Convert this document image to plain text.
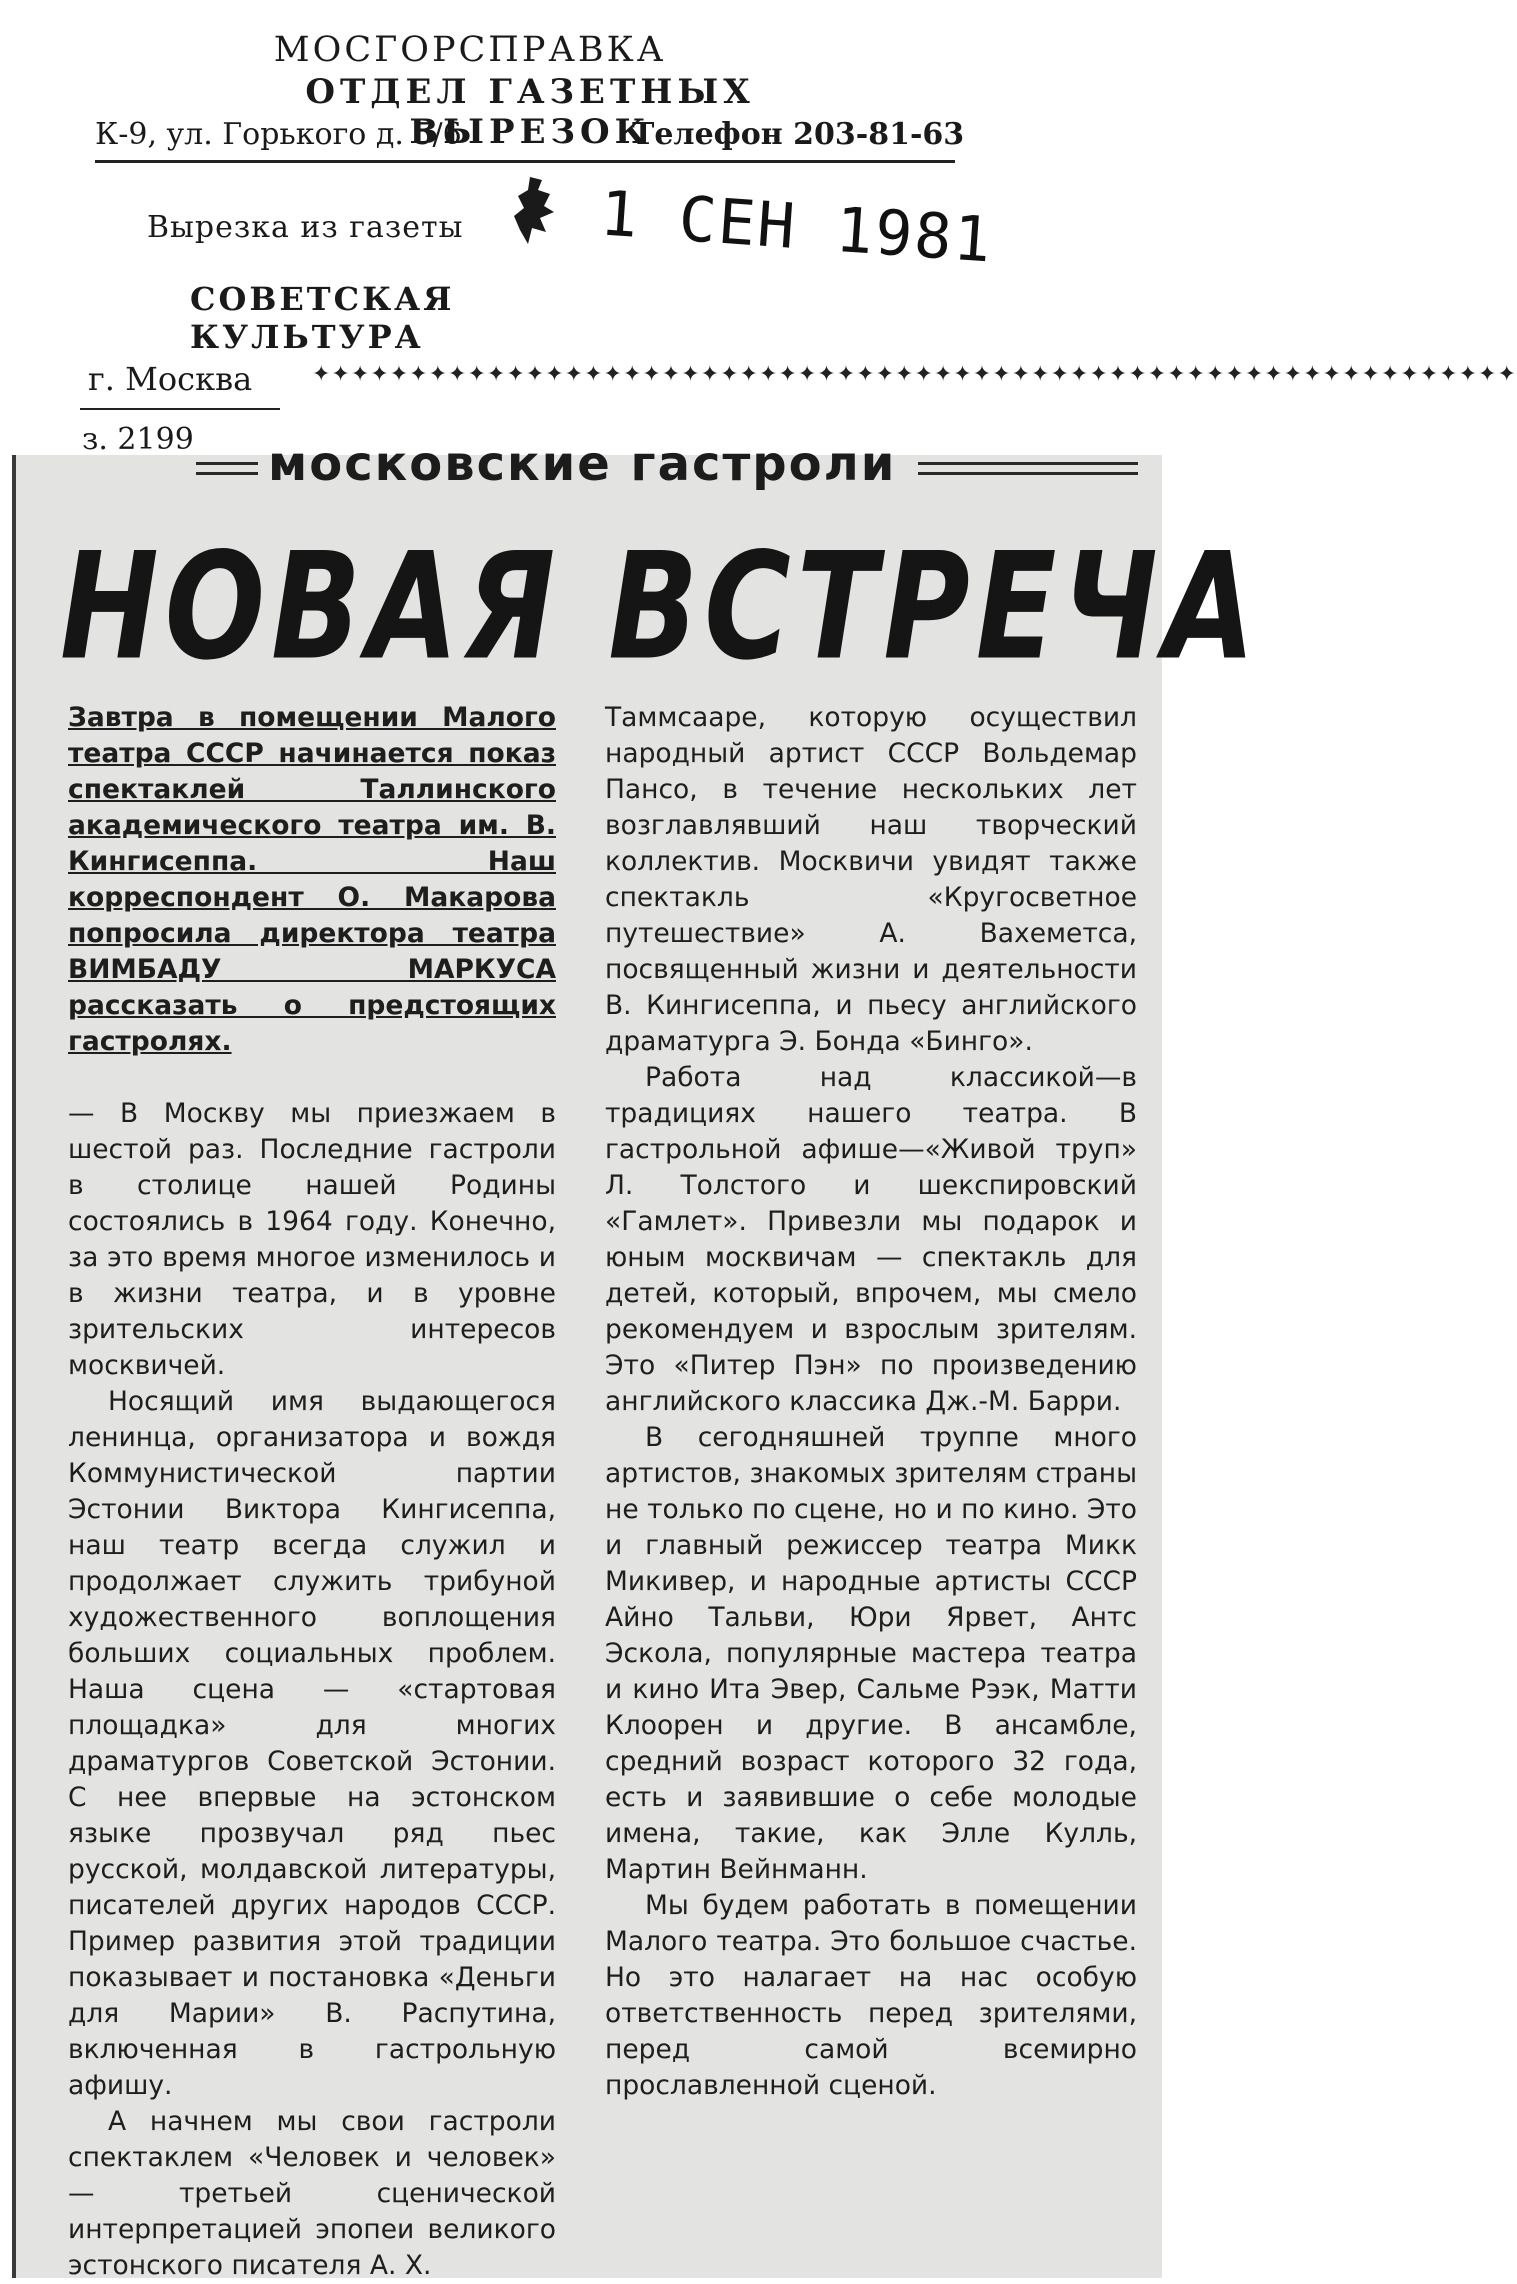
МОСГОРСПРАВКА
ОТДЕЛ ГАЗЕТНЫХ ВЫРЕЗОК
К-9, ул. Горького д. 5/6	Телефон 203-81-63
Вырезка из газеты 1 СЕН 1981
СОВЕТСКАЯ
КУЛЬТУРА
г. Москва	✦✦✦✦✦✦✦✦✦✦✦✦✦✦✦✦✦✦✦✦✦✦✦✦✦✦✦✦✦✦✦✦✦✦✦✦✦✦✦✦✦✦✦✦✦✦✦✦✦✦✦✦✦✦✦✦✦✦✦✦✦✦
з. 2199 московские гастроли
НОВАЯ ВСТРЕЧА
Завтра в помещении Малого театра СССР начинается показ спектаклей Таллинского академического театра им. В. Кингисеппа. Наш корреспондент О. Макарова попросила директора театра ВИМБАДУ МАРКУСА рассказать о предстоящих гастролях.

— В Москву мы приезжаем в шестой раз. Последние гастроли в столице нашей Родины состоялись в 1964 году. Конечно, за это время многое изменилось и в жизни театра, и в уровне зрительских интересов москвичей.

Носящий имя выдающегося ленинца, организатора и вождя Коммунистической партии Эстонии Виктора Кингисеппа, наш театр всегда служил и продолжает служить трибуной художественного воплощения больших социальных проблем. Наша сцена — «стартовая площадка» для многих драматургов Советской Эстонии. С нее впервые на эстонском языке прозвучал ряд пьес русской, молдавской литературы, писателей других народов СССР. Пример развития этой традиции показывает и постановка «Деньги для Марии» В. Распутина, включенная в гастрольную афишу.

А начнем мы свои гастроли спектаклем «Человек и человек» — третьей сценической интерпретацией эпопеи великого эстонского писателя А. Х.

Таммсааре, которую осуществил народный артист СССР Вольдемар Пансо, в течение нескольких лет возглавлявший наш творческий коллектив. Москвичи увидят также спектакль «Кругосветное путешествие» А. Вахеметса, посвященный жизни и деятельности В. Кингисеппа, и пьесу английского драматурга Э. Бонда «Бинго».

Работа над классикой—в традициях нашего театра. В гастрольной афише—«Живой труп» Л. Толстого и шекспировский «Гамлет». Привезли мы подарок и юным москвичам — спектакль для детей, который, впрочем, мы смело рекомендуем и взрослым зрителям. Это «Питер Пэн» по произведению английского классика Дж.-М. Барри.

В сегодняшней труппе много артистов, знакомых зрителям страны не только по сцене, но и по кино. Это и главный режиссер театра Микк Микивер, и народные артисты СССР Айно Тальви, Юри Ярвет, Антс Эскола, популярные мастера театра и кино Ита Эвер, Сальме Рээк, Матти Клоорен и другие. В ансамбле, средний возраст которого 32 года, есть и заявившие о себе молодые имена, такие, как Элле Кулль, Мартин Вейнманн.

Мы будем работать в помещении Малого театра. Это большое счастье. Но это налагает на нас особую ответственность перед зрителями, перед самой всемирно прославленной сценой.
